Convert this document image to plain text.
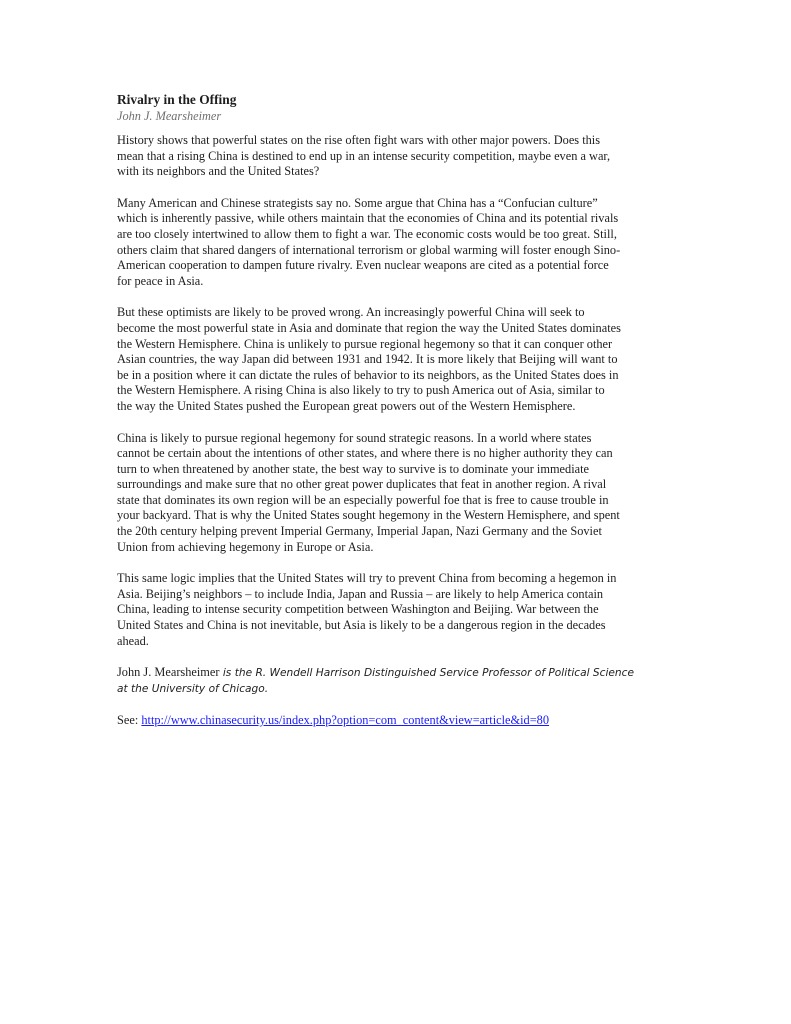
Rivalry in the Offing
John J. Mearsheimer
History shows that powerful states on the rise often fight wars with other major powers. Does this
mean that a rising China is destined to end up in an intense security competition, maybe even a war,
with its neighbors and the United States?
Many American and Chinese strategists say no. Some argue that China has a “Confucian culture”
which is inherently passive, while others maintain that the economies of China and its potential rivals
are too closely intertwined to allow them to fight a war. The economic costs would be too great. Still,
others claim that shared dangers of international terrorism or global warming will foster enough Sino-
American cooperation to dampen future rivalry. Even nuclear weapons are cited as a potential force
for peace in Asia.
But these optimists are likely to be proved wrong. An increasingly powerful China will seek to
become the most powerful state in Asia and dominate that region the way the United States dominates
the Western Hemisphere. China is unlikely to pursue regional hegemony so that it can conquer other
Asian countries, the way Japan did between 1931 and 1942. It is more likely that Beijing will want to
be in a position where it can dictate the rules of behavior to its neighbors, as the United States does in
the Western Hemisphere. A rising China is also likely to try to push America out of Asia, similar to
the way the United States pushed the European great powers out of the Western Hemisphere.
China is likely to pursue regional hegemony for sound strategic reasons. In a world where states
cannot be certain about the intentions of other states, and where there is no higher authority they can
turn to when threatened by another state, the best way to survive is to dominate your immediate
surroundings and make sure that no other great power duplicates that feat in another region. A rival
state that dominates its own region will be an especially powerful foe that is free to cause trouble in
your backyard. That is why the United States sought hegemony in the Western Hemisphere, and spent
the 20th century helping prevent Imperial Germany, Imperial Japan, Nazi Germany and the Soviet
Union from achieving hegemony in Europe or Asia.
This same logic implies that the United States will try to prevent China from becoming a hegemon in
Asia. Beijing’s neighbors – to include India, Japan and Russia – are likely to help America contain
China, leading to intense security competition between Washington and Beijing. War between the
United States and China is not inevitable, but Asia is likely to be a dangerous region in the decades
ahead.
John J. Mearsheimer is the R. Wendell Harrison Distinguished Service Professor of Political Science
at the University of Chicago.
See: http://www.chinasecurity.us/index.php?option=com_content&view=article&id=80
